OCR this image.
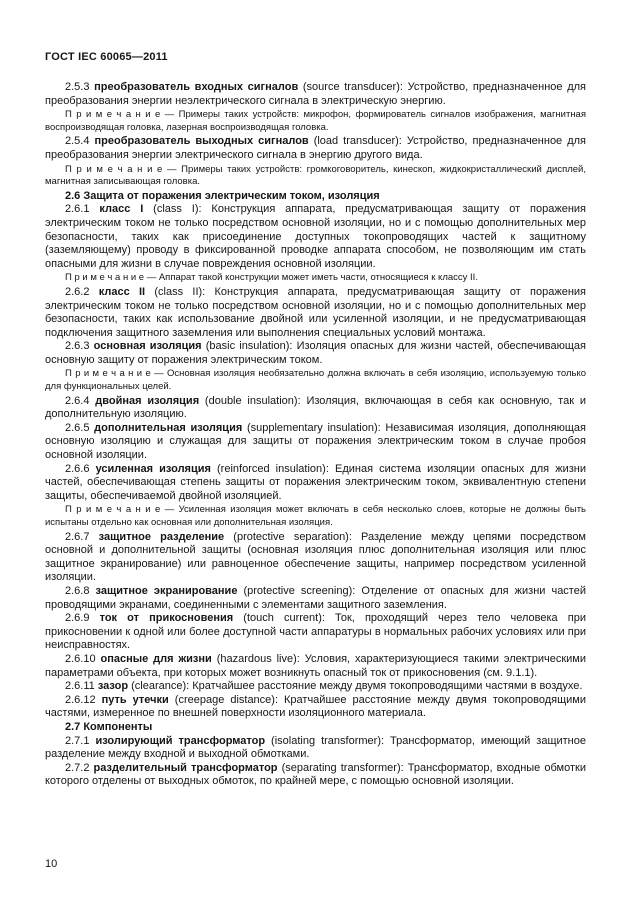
ГОСТ IEC 60065—2011

2.5.3 преобразователь входных сигналов (source transducer): Устройство, предназначенное для преобразования энергии неэлектрического сигнала в электрическую энергию.

П р и м е ч а н и е — Примеры таких устройств: микрофон, формирователь сигналов изображения, магнитная воспроизводящая головка, лазерная воспроизводящая головка.

2.5.4 преобразователь выходных сигналов (load transducer): Устройство, предназначенное для преобразования энергии электрического сигнала в энергию другого вида.

П р и м е ч а н и е — Примеры таких устройств: громкоговоритель, кинескоп, жидкокристаллический дисплей, магнитная записывающая головка.

2.6 Защита от поражения электрическим током, изоляция

2.6.1 класс I (class I): Конструкция аппарата, предусматривающая защиту от поражения электрическим током не только посредством основной изоляции, но и с помощью дополнительных мер безопасности, таких как присоединение доступных токопроводящих частей к защитному (заземляющему) проводу в фиксированной проводке аппарата способом, не позволяющим им стать опасными для жизни в случае повреждения основной изоляции.

П р и м е ч а н и е — Аппарат такой конструкции может иметь части, относящиеся к классу II.

2.6.2 класс II (class II): Конструкция аппарата, предусматривающая защиту от поражения электрическим током не только посредством основной изоляции, но и с помощью дополнительных мер безопасности, таких как использование двойной или усиленной изоляции, и не предусматривающая подключения защитного заземления или выполнения специальных условий монтажа.

2.6.3 основная изоляция (basic insulation): Изоляция опасных для жизни частей, обеспечивающая основную защиту от поражения электрическим током.

П р и м е ч а н и е — Основная изоляция необязательно должна включать в себя изоляцию, используемую только для функциональных целей.

2.6.4 двойная изоляция (double insulation): Изоляция, включающая в себя как основную, так и дополнительную изоляцию.

2.6.5 дополнительная изоляция (supplementary insulation): Независимая изоляция, дополняющая основную изоляцию и служащая для защиты от поражения электрическим током в случае пробоя основной изоляции.

2.6.6 усиленная изоляция (reinforced insulation): Единая система изоляции опасных для жизни частей, обеспечивающая степень защиты от поражения электрическим током, эквивалентную степени защиты, обеспечиваемой двойной изоляцией.

П р и м е ч а н и е — Усиленная изоляция может включать в себя несколько слоев, которые не должны быть испытаны отдельно как основная или дополнительная изоляция.

2.6.7 защитное разделение (protective separation): Разделение между цепями посредством основной и дополнительной защиты (основная изоляция плюс дополнительная изоляция или плюс защитное экранирование) или равноценное обеспечение защиты, например посредством усиленной изоляции.

2.6.8 защитное экранирование (protective screening): Отделение от опасных для жизни частей проводящими экранами, соединенными с элементами защитного заземления.

2.6.9 ток от прикосновения (touch current): Ток, проходящий через тело человека при прикосновении к одной или более доступной части аппаратуры в нормальных рабочих условиях или при неисправностях.

2.6.10 опасные для жизни (hazardous live): Условия, характеризующиеся такими электрическими параметрами объекта, при которых может возникнуть опасный ток от прикосновения (см. 9.1.1).

2.6.11 зазор (clearance): Кратчайшее расстояние между двумя токопроводящими частями в воздухе.

2.6.12 путь утечки (creepage distance): Кратчайшее расстояние между двумя токопроводящими частями, измеренное по внешней поверхности изоляционного материала.

2.7 Компоненты

2.7.1 изолирующий трансформатор (isolating transformer): Трансформатор, имеющий защитное разделение между входной и выходной обмотками.

2.7.2 разделительный трансформатор (separating transformer): Трансформатор, входные обмотки которого отделены от выходных обмоток, по крайней мере, с помощью основной изоляции.

10
